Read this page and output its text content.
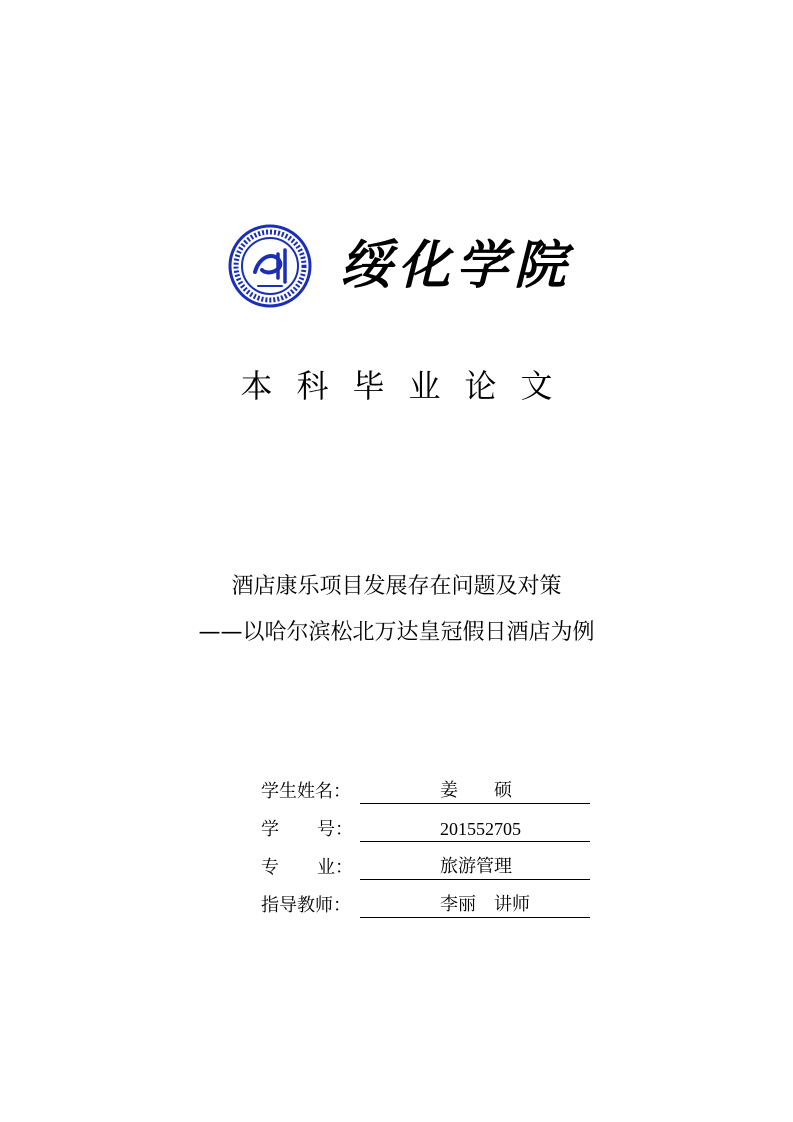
绥化学院
本科毕业论文
酒店康乐项目发展存在问题及对策
——以哈尔滨松北万达皇冠假日酒店为例
学生姓名：	姜　　硕
学 号：	201552705
专 业：	旅游管理
指导教师：	李丽　讲师
